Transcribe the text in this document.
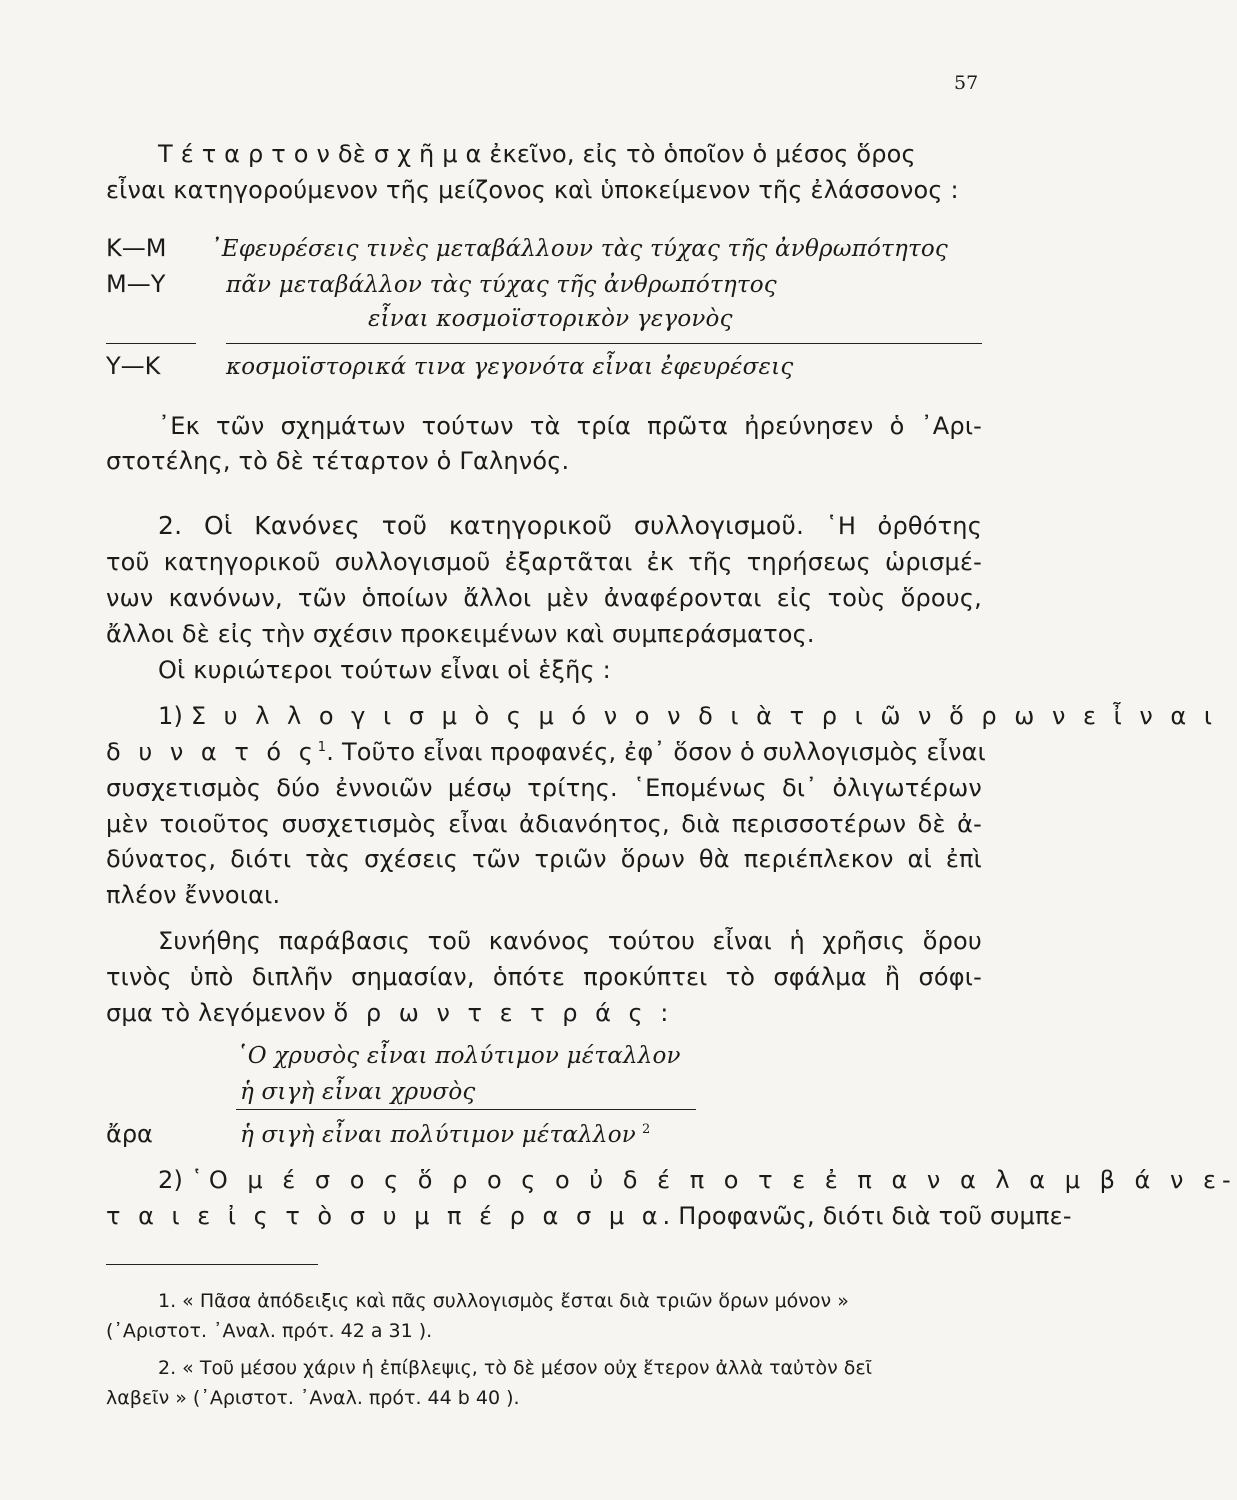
57
Τ έ τ α ρ τ ο ν δὲ σ χ ῆ μ α ἐκεῖνο, εἰς τὸ ὁποῖον ὁ μέσος ὅρος
εἶναι κατηγορούμενον τῆς μείζονος καὶ ὑποκείμενον τῆς ἐλάσσονος :
Κ—Μ ᾿Εφευρέσεις τινὲς μεταβάλλουν τὰς τύχας τῆς ἀνθρωπότητος
Μ—Υ	πᾶν μεταβάλλον τὰς τύχας τῆς ἀνθρωπότητος
εἶναι κοσμοϊστορικὸν γεγονὸς
Υ—Κ	κοσμοϊστορικά τινα γεγονότα εἶναι ἐφευρέσεις
᾿Εκ τῶν σχημάτων τούτων τὰ τρία πρῶτα ἠρεύνησεν ὁ ᾿Αρι-
στοτέλης, τὸ δὲ τέταρτον ὁ Γαληνός.
2. Οἱ Κανόνες τοῦ κατηγορικοῦ συλλογισμοῦ. ῾Η ὀρθότης
τοῦ κατηγορικοῦ συλλογισμοῦ ἐξαρτᾶται ἐκ τῆς τηρήσεως ὡρισμέ-
νων κανόνων, τῶν ὁποίων ἄλλοι μὲν ἀναφέρονται εἰς τοὺς ὅρους,
ἄλλοι δὲ εἰς τὴν σχέσιν προκειμένων καὶ συμπεράσματος.
Οἱ κυριώτεροι τούτων εἶναι οἱ ἑξῆς :
1) Σ υ λ λ ο γ ι σ μ ὸ ς μ ό ν ο ν δ ι ὰ τ ρ ι ῶ ν ὅ ρ ω ν ε ἶ ν α ι
δ υ ν α τ ό $\varsigma^1$. Τοῦτο εἶναι προφανές, ἐφ᾿ ὅσον ὁ συλλογισμὸς εἶναι
συσχετισμὸς δύο ἐννοιῶν μέσῳ τρίτης. ῾Επομένως δι᾿ ὀλιγωτέρων
μὲν τοιοῦτος συσχετισμὸς εἶναι ἀδιανόητος, διὰ περισσοτέρων δὲ ἀ-
δύνατος, διότι τὰς σχέσεις τῶν τριῶν ὅρων θὰ περιέπλεκον αἱ ἐπὶ
πλέον ἔννοιαι.
Συνήθης παράβασις τοῦ κανόνος τούτου εἶναι ἡ χρῆσις ὅρου
τινὸς ὑπὸ διπλῆν σημασίαν, ὁπότε προκύπτει τὸ σφάλμα ἢ σόφι-
σμα τὸ λεγόμενον ὅ ρ ω ν τ ε τ ρ ά ς :
῾Ο χρυσὸς εἶναι πολύτιμον μέταλλον
ἡ σιγὴ εἶναι χρυσὸς
ἄρα	ἡ σιγὴ εἶναι πολύτιμον μέταλλον $^2$
2) ῾Ο μ έ σ ο ς ὅ ρ ο ς ο ὐ δ έ π ο τ ε ἐ π α ν α λ α μ β ά ν ε-
τ α ι ε ἰ ς τ ὸ σ υ μ π έ ρ α σ μ α. Προφανῶς, διότι διὰ τοῦ συμπε-
1. « Πᾶσα ἀπόδειξις καὶ πᾶς συλλογισμὸς ἔσται διὰ τριῶν ὅρων μόνον »
(᾿Αριστοτ. ᾿Αναλ. πρότ. 42 a 31 ).
2. « Τοῦ μέσου χάριν ἡ ἐπίβλεψις, τὸ δὲ μέσον οὐχ ἕτερον ἀλλὰ ταὐτὸν δεῖ
λαβεῖν » (᾿Αριστοτ. ᾿Αναλ. πρότ. 44 b 40 ).
